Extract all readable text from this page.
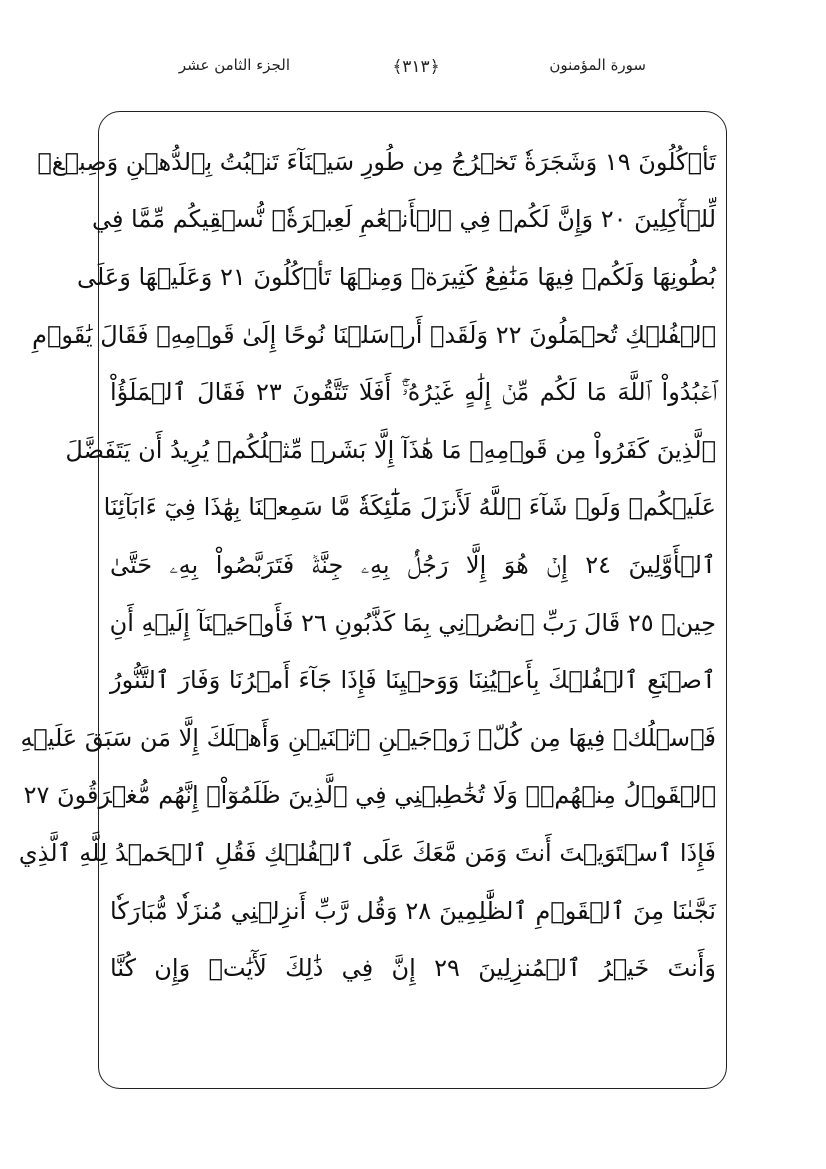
سورة المؤمنون
﴿٣١٣﴾
الجزء الثامن عشر
تَأۡكُلُونَ ١٩ وَشَجَرَةٗ تَخۡرُجُ مِن طُورِ سَيۡنَآءَ تَنۢبُتُ بِٱلدُّهۡنِ وَصِبۡغٖ
لِّلۡأٓكِلِينَ ٢٠ وَإِنَّ لَكُمۡ فِي ٱلۡأَنۡعَٰمِ لَعِبۡرَةٗۖ نُّسۡقِيكُم مِّمَّا فِي
بُطُونِهَا وَلَكُمۡ فِيهَا مَنَٰفِعُ كَثِيرَةٞ وَمِنۡهَا تَأۡكُلُونَ ٢١ وَعَلَيۡهَا وَعَلَى
ٱلۡفُلۡكِ تُحۡمَلُونَ ٢٢ وَلَقَدۡ أَرۡسَلۡنَا نُوحًا إِلَىٰ قَوۡمِهِۦ فَقَالَ يَٰقَوۡمِ
ٱعۡبُدُواْ ٱللَّهَ مَا لَكُم مِّنۡ إِلَٰهٍ غَيۡرُهُۥٓۚ أَفَلَا تَتَّقُونَ ٢٣ فَقَالَ ٱلۡمَلَؤُاْ
ٱلَّذِينَ كَفَرُواْ مِن قَوۡمِهِۦ مَا هَٰذَآ إِلَّا بَشَرٞ مِّثۡلُكُمۡ يُرِيدُ أَن يَتَفَضَّلَ
عَلَيۡكُمۡ وَلَوۡ شَآءَ ٱللَّهُ لَأَنزَلَ مَلَٰٓئِكَةٗ مَّا سَمِعۡنَا بِهَٰذَا فِيٓ ءَابَآئِنَا
ٱلۡأَوَّلِينَ ٢٤ إِنۡ هُوَ إِلَّا رَجُلُۢ بِهِۦ جِنَّةٞ فَتَرَبَّصُواْ بِهِۦ حَتَّىٰ
حِينٖ ٢٥ قَالَ رَبِّ ٱنصُرۡنِي بِمَا كَذَّبُونِ ٢٦ فَأَوۡحَيۡنَآ إِلَيۡهِ أَنِ
ٱصۡنَعِ ٱلۡفُلۡكَ بِأَعۡيُنِنَا وَوَحۡيِنَا فَإِذَا جَآءَ أَمۡرُنَا وَفَارَ ٱلتَّنُّورُ
فَٱسۡلُكۡ فِيهَا مِن كُلّٖ زَوۡجَيۡنِ ٱثۡنَيۡنِ وَأَهۡلَكَ إِلَّا مَن سَبَقَ عَلَيۡهِ
ٱلۡقَوۡلُ مِنۡهُمۡۖ وَلَا تُخَٰطِبۡنِي فِي ٱلَّذِينَ ظَلَمُوٓاْۖ إِنَّهُم مُّغۡرَقُونَ ٢٧
فَإِذَا ٱسۡتَوَيۡتَ أَنتَ وَمَن مَّعَكَ عَلَى ٱلۡفُلۡكِ فَقُلِ ٱلۡحَمۡدُ لِلَّهِ ٱلَّذِي
نَجَّىٰنَا مِنَ ٱلۡقَوۡمِ ٱلظَّٰلِمِينَ ٢٨ وَقُل رَّبِّ أَنزِلۡنِي مُنزَلٗا مُّبَارَكٗا
وَأَنتَ خَيۡرُ ٱلۡمُنزِلِينَ ٢٩ إِنَّ فِي ذَٰلِكَ لَأٓيَٰتٖ وَإِن كُنَّا
